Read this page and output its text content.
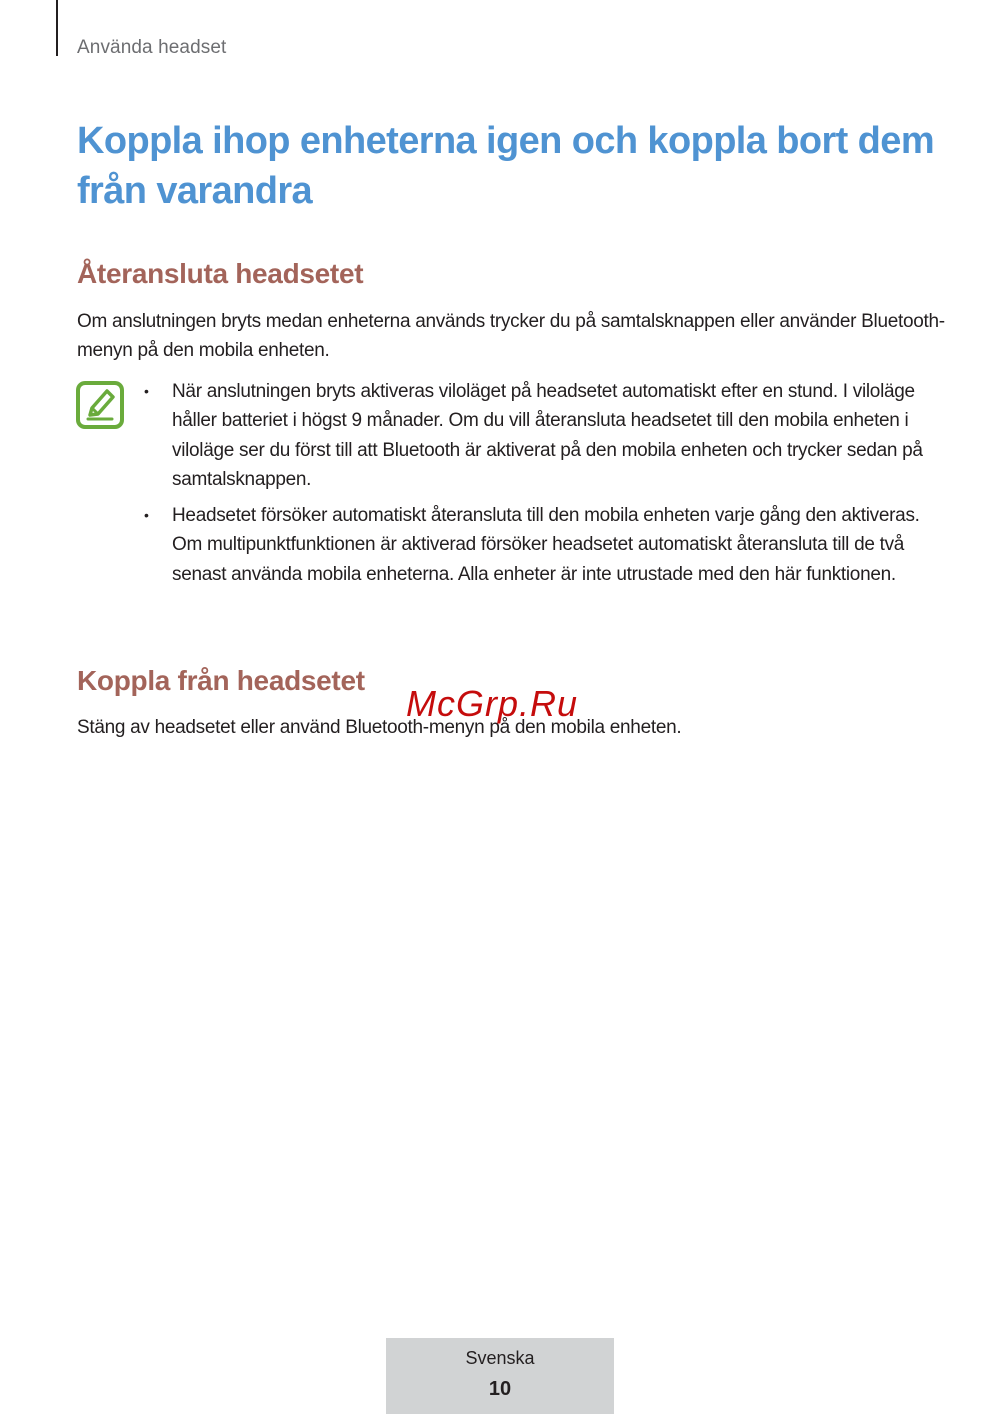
Använda headset
Koppla ihop enheterna igen och koppla bort dem från varandra
Återansluta headsetet

Om anslutningen bryts medan enheterna används trycker du på samtalsknappen eller använder Bluetooth-menyn på den mobila enheten.

• När anslutningen bryts aktiveras viloläget på headsetet automatiskt efter en stund. I viloläge håller batteriet i högst 9 månader. Om du vill återansluta headsetet till den mobila enheten i viloläge ser du först till att Bluetooth är aktiverat på den mobila enheten och trycker sedan på samtalsknappen.
• Headsetet försöker automatiskt återansluta till den mobila enheten varje gång den aktiveras. Om multipunktfunktionen är aktiverad försöker headsetet automatiskt återansluta till de två senast använda mobila enheterna. Alla enheter är inte utrustade med den här funktionen.
Koppla från headsetet

Stäng av headsetet eller använd Bluetooth-menyn på den mobila enheten.

McGrp.Ru
Svenska
10
